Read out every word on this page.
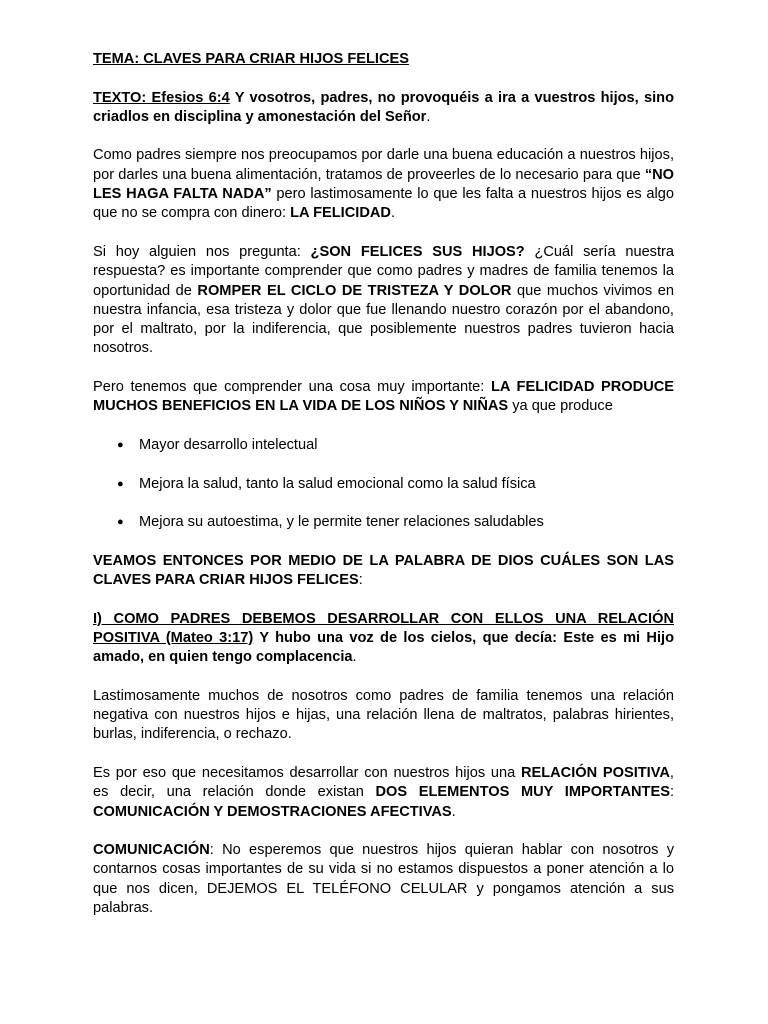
TEMA: CLAVES PARA CRIAR HIJOS FELICES

TEXTO: Efesios 6:4 Y vosotros, padres, no provoquéis a ira a vuestros hijos, sino criadlos en disciplina y amonestación del Señor.

Como padres siempre nos preocupamos por darle una buena educación a nuestros hijos, por darles una buena alimentación, tratamos de proveerles de lo necesario para que “NO LES HAGA FALTA NADA” pero lastimosamente lo que les falta a nuestros hijos es algo que no se compra con dinero: LA FELICIDAD.

Si hoy alguien nos pregunta: ¿SON FELICES SUS HIJOS? ¿Cuál sería nuestra respuesta? es importante comprender que como padres y madres de familia tenemos la oportunidad de ROMPER EL CICLO DE TRISTEZA Y DOLOR que muchos vivimos en nuestra infancia, esa tristeza y dolor que fue llenando nuestro corazón por el abandono, por el maltrato, por la indiferencia, que posiblemente nuestros padres tuvieron hacia nosotros.

Pero tenemos que comprender una cosa muy importante: LA FELICIDAD PRODUCE MUCHOS BENEFICIOS EN LA VIDA DE LOS NIÑOS Y NIÑAS ya que produce

● Mayor desarrollo intelectual
● Mejora la salud, tanto la salud emocional como la salud física
● Mejora su autoestima, y le permite tener relaciones saludables

VEAMOS ENTONCES POR MEDIO DE LA PALABRA DE DIOS CUÁLES SON LAS CLAVES PARA CRIAR HIJOS FELICES:

I) COMO PADRES DEBEMOS DESARROLLAR CON ELLOS UNA RELACIÓN POSITIVA (Mateo 3:17) Y hubo una voz de los cielos, que decía: Este es mi Hijo amado, en quien tengo complacencia.

Lastimosamente muchos de nosotros como padres de familia tenemos una relación negativa con nuestros hijos e hijas, una relación llena de maltratos, palabras hirientes, burlas, indiferencia, o rechazo.

Es por eso que necesitamos desarrollar con nuestros hijos una RELACIÓN POSITIVA, es decir, una relación donde existan DOS ELEMENTOS MUY IMPORTANTES: COMUNICACIÓN Y DEMOSTRACIONES AFECTIVAS.

COMUNICACIÓN: No esperemos que nuestros hijos quieran hablar con nosotros y contarnos cosas importantes de su vida si no estamos dispuestos a poner atención a lo que nos dicen, DEJEMOS EL TELÉFONO CELULAR y pongamos atención a sus palabras.
